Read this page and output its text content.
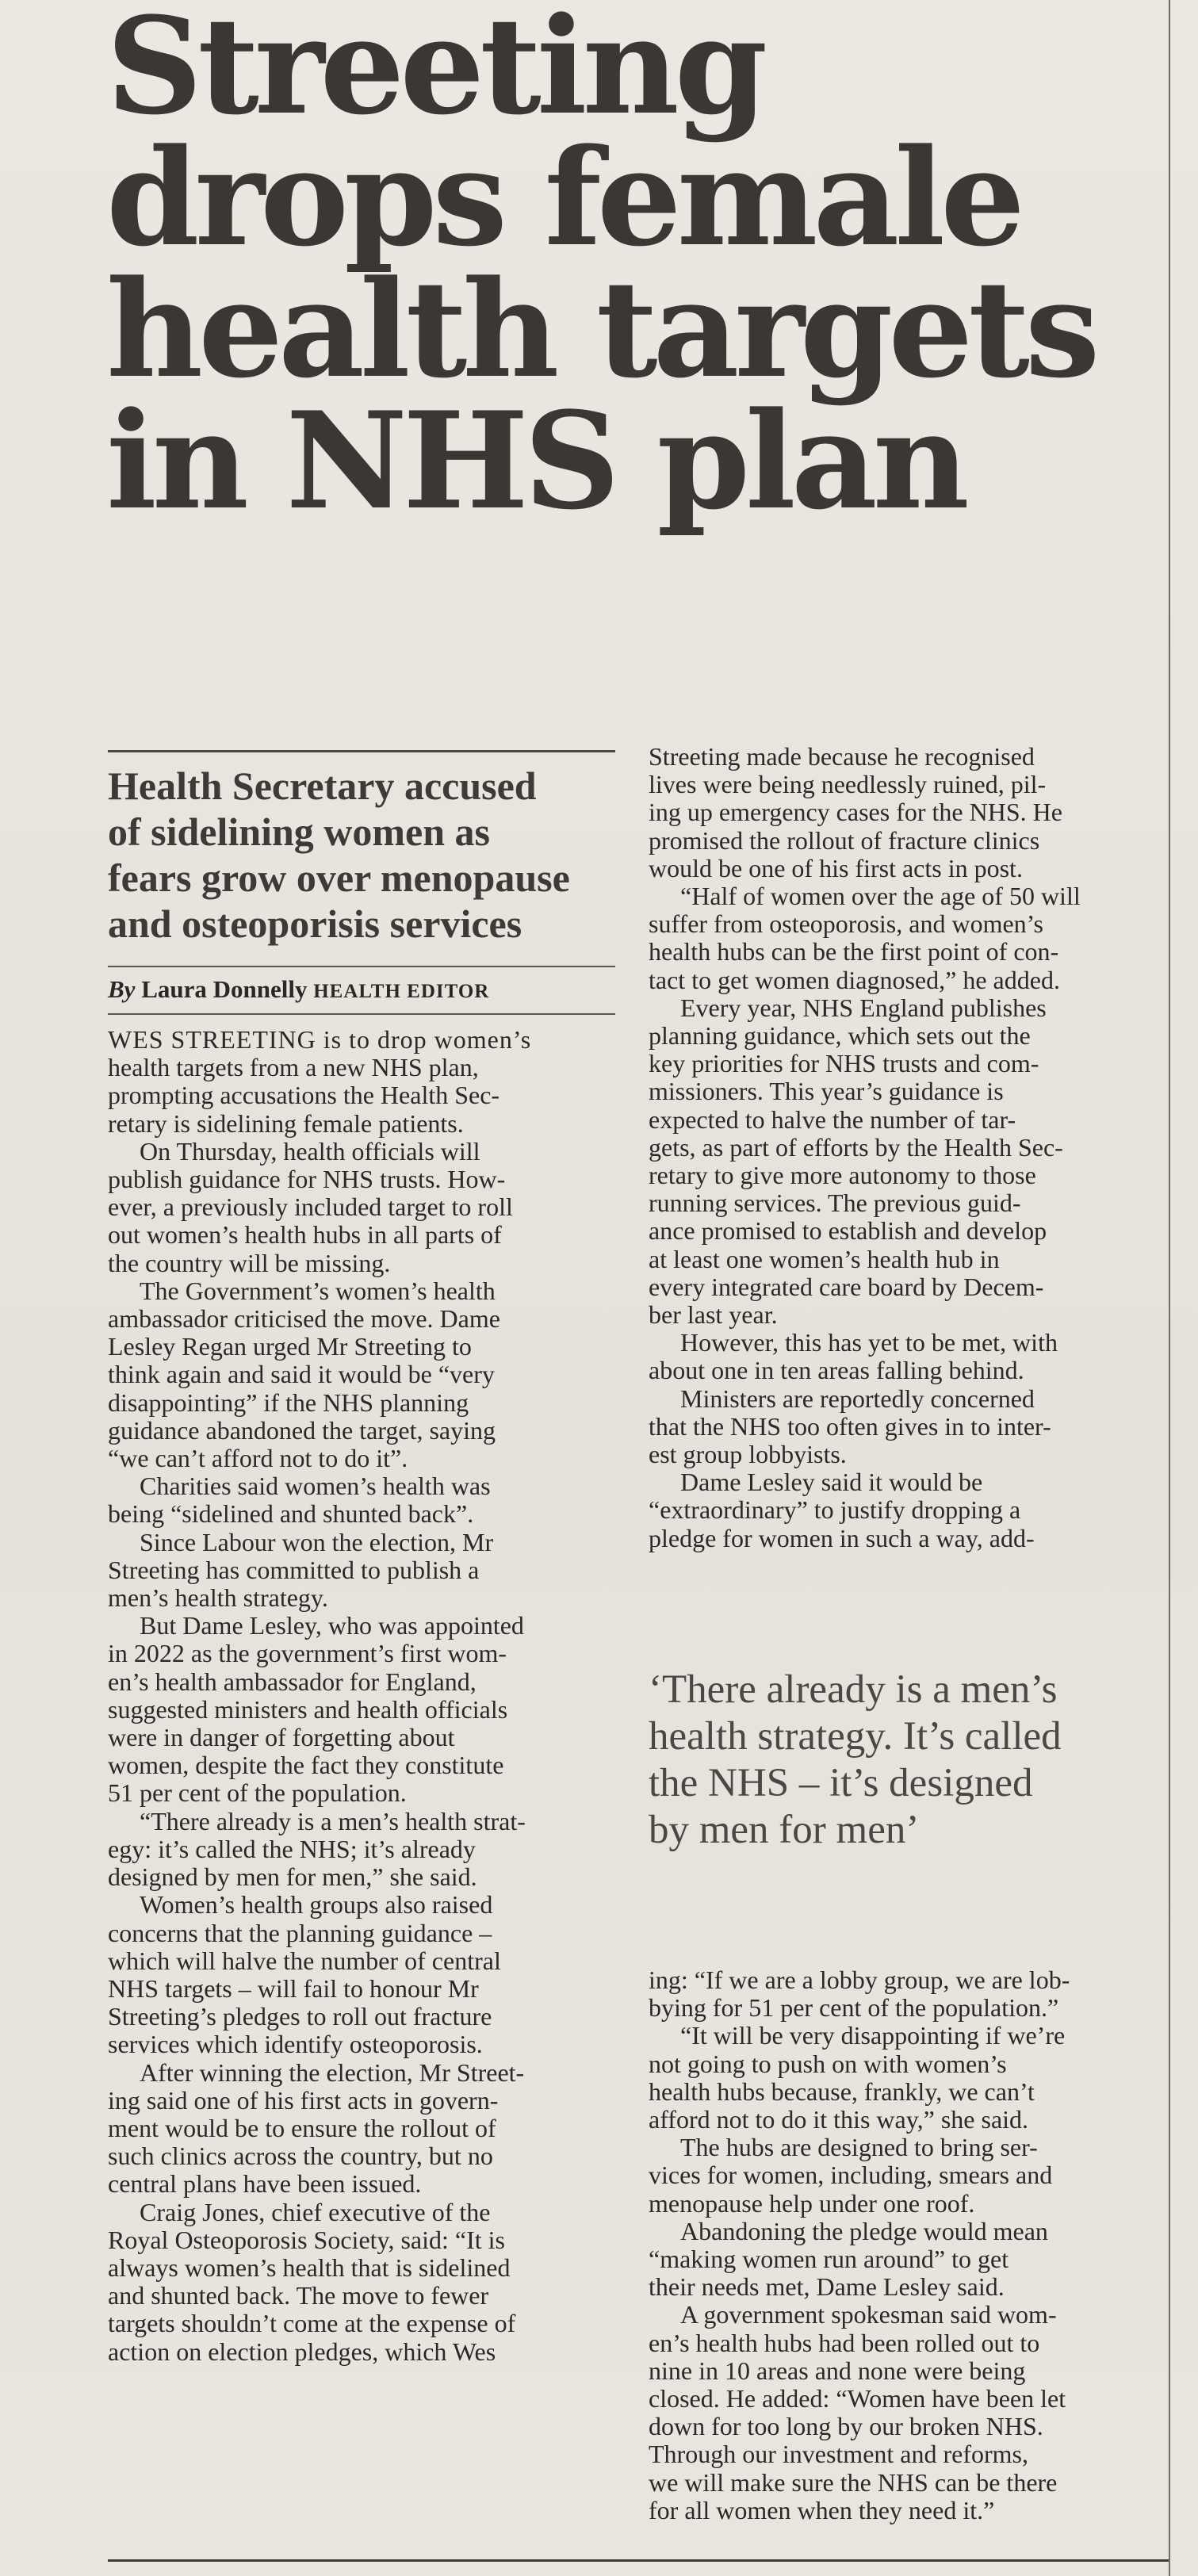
Streeting
drops female
health targets
in NHS plan
Health Secretary accused
of sidelining women as
fears grow over menopause
and osteoporisis services

By Laura Donnelly HEALTH EDITOR

WES STREETING is to drop women’s
health targets from a new NHS plan,
prompting accusations the Health Sec-
retary is sidelining female patients.
On Thursday, health officials will
publish guidance for NHS trusts. How-
ever, a previously included target to roll
out women’s health hubs in all parts of
the country will be missing.
The Government’s women’s health
ambassador criticised the move. Dame
Lesley Regan urged Mr Streeting to
think again and said it would be “very
disappointing” if the NHS planning
guidance abandoned the target, saying
“we can’t afford not to do it”.
Charities said women’s health was
being “sidelined and shunted back”.
Since Labour won the election, Mr
Streeting has committed to publish a
men’s health strategy.
But Dame Lesley, who was appointed
in 2022 as the government’s first wom-
en’s health ambassador for England,
suggested ministers and health officials
were in danger of forgetting about
women, despite the fact they constitute
51 per cent of the population.
“There already is a men’s health strat-
egy: it’s called the NHS; it’s already
designed by men for men,” she said.
Women’s health groups also raised
concerns that the planning guidance –
which will halve the number of central
NHS targets – will fail to honour Mr
Streeting’s pledges to roll out fracture
services which identify osteoporosis.
After winning the election, Mr Street-
ing said one of his first acts in govern-
ment would be to ensure the rollout of
such clinics across the country, but no
central plans have been issued.
Craig Jones, chief executive of the
Royal Osteoporosis Society, said: “It is
always women’s health that is sidelined
and shunted back. The move to fewer
targets shouldn’t come at the expense of
action on election pledges, which Wes
Streeting made because he recognised
lives were being needlessly ruined, pil-
ing up emergency cases for the NHS. He
promised the rollout of fracture clinics
would be one of his first acts in post.
“Half of women over the age of 50 will
suffer from osteoporosis, and women’s
health hubs can be the first point of con-
tact to get women diagnosed,” he added.
Every year, NHS England publishes
planning guidance, which sets out the
key priorities for NHS trusts and com-
missioners. This year’s guidance is
expected to halve the number of tar-
gets, as part of efforts by the Health Sec-
retary to give more autonomy to those
running services. The previous guid-
ance promised to establish and develop
at least one women’s health hub in
every integrated care board by Decem-
ber last year.
However, this has yet to be met, with
about one in ten areas falling behind.
Ministers are reportedly concerned
that the NHS too often gives in to inter-
est group lobbyists.
Dame Lesley said it would be
“extraordinary” to justify dropping a
pledge for women in such a way, add-
‘There already is a men’s
health strategy. It’s called
the NHS – it’s designed
by men for men’
ing: “If we are a lobby group, we are lob-
bying for 51 per cent of the population.”
“It will be very disappointing if we’re
not going to push on with women’s
health hubs because, frankly, we can’t
afford not to do it this way,” she said.
The hubs are designed to bring ser-
vices for women, including, smears and
menopause help under one roof.
Abandoning the pledge would mean
“making women run around” to get
their needs met, Dame Lesley said.
A government spokesman said wom-
en’s health hubs had been rolled out to
nine in 10 areas and none were being
closed. He added: “Women have been let
down for too long by our broken NHS.
Through our investment and reforms,
we will make sure the NHS can be there
for all women when they need it.”
